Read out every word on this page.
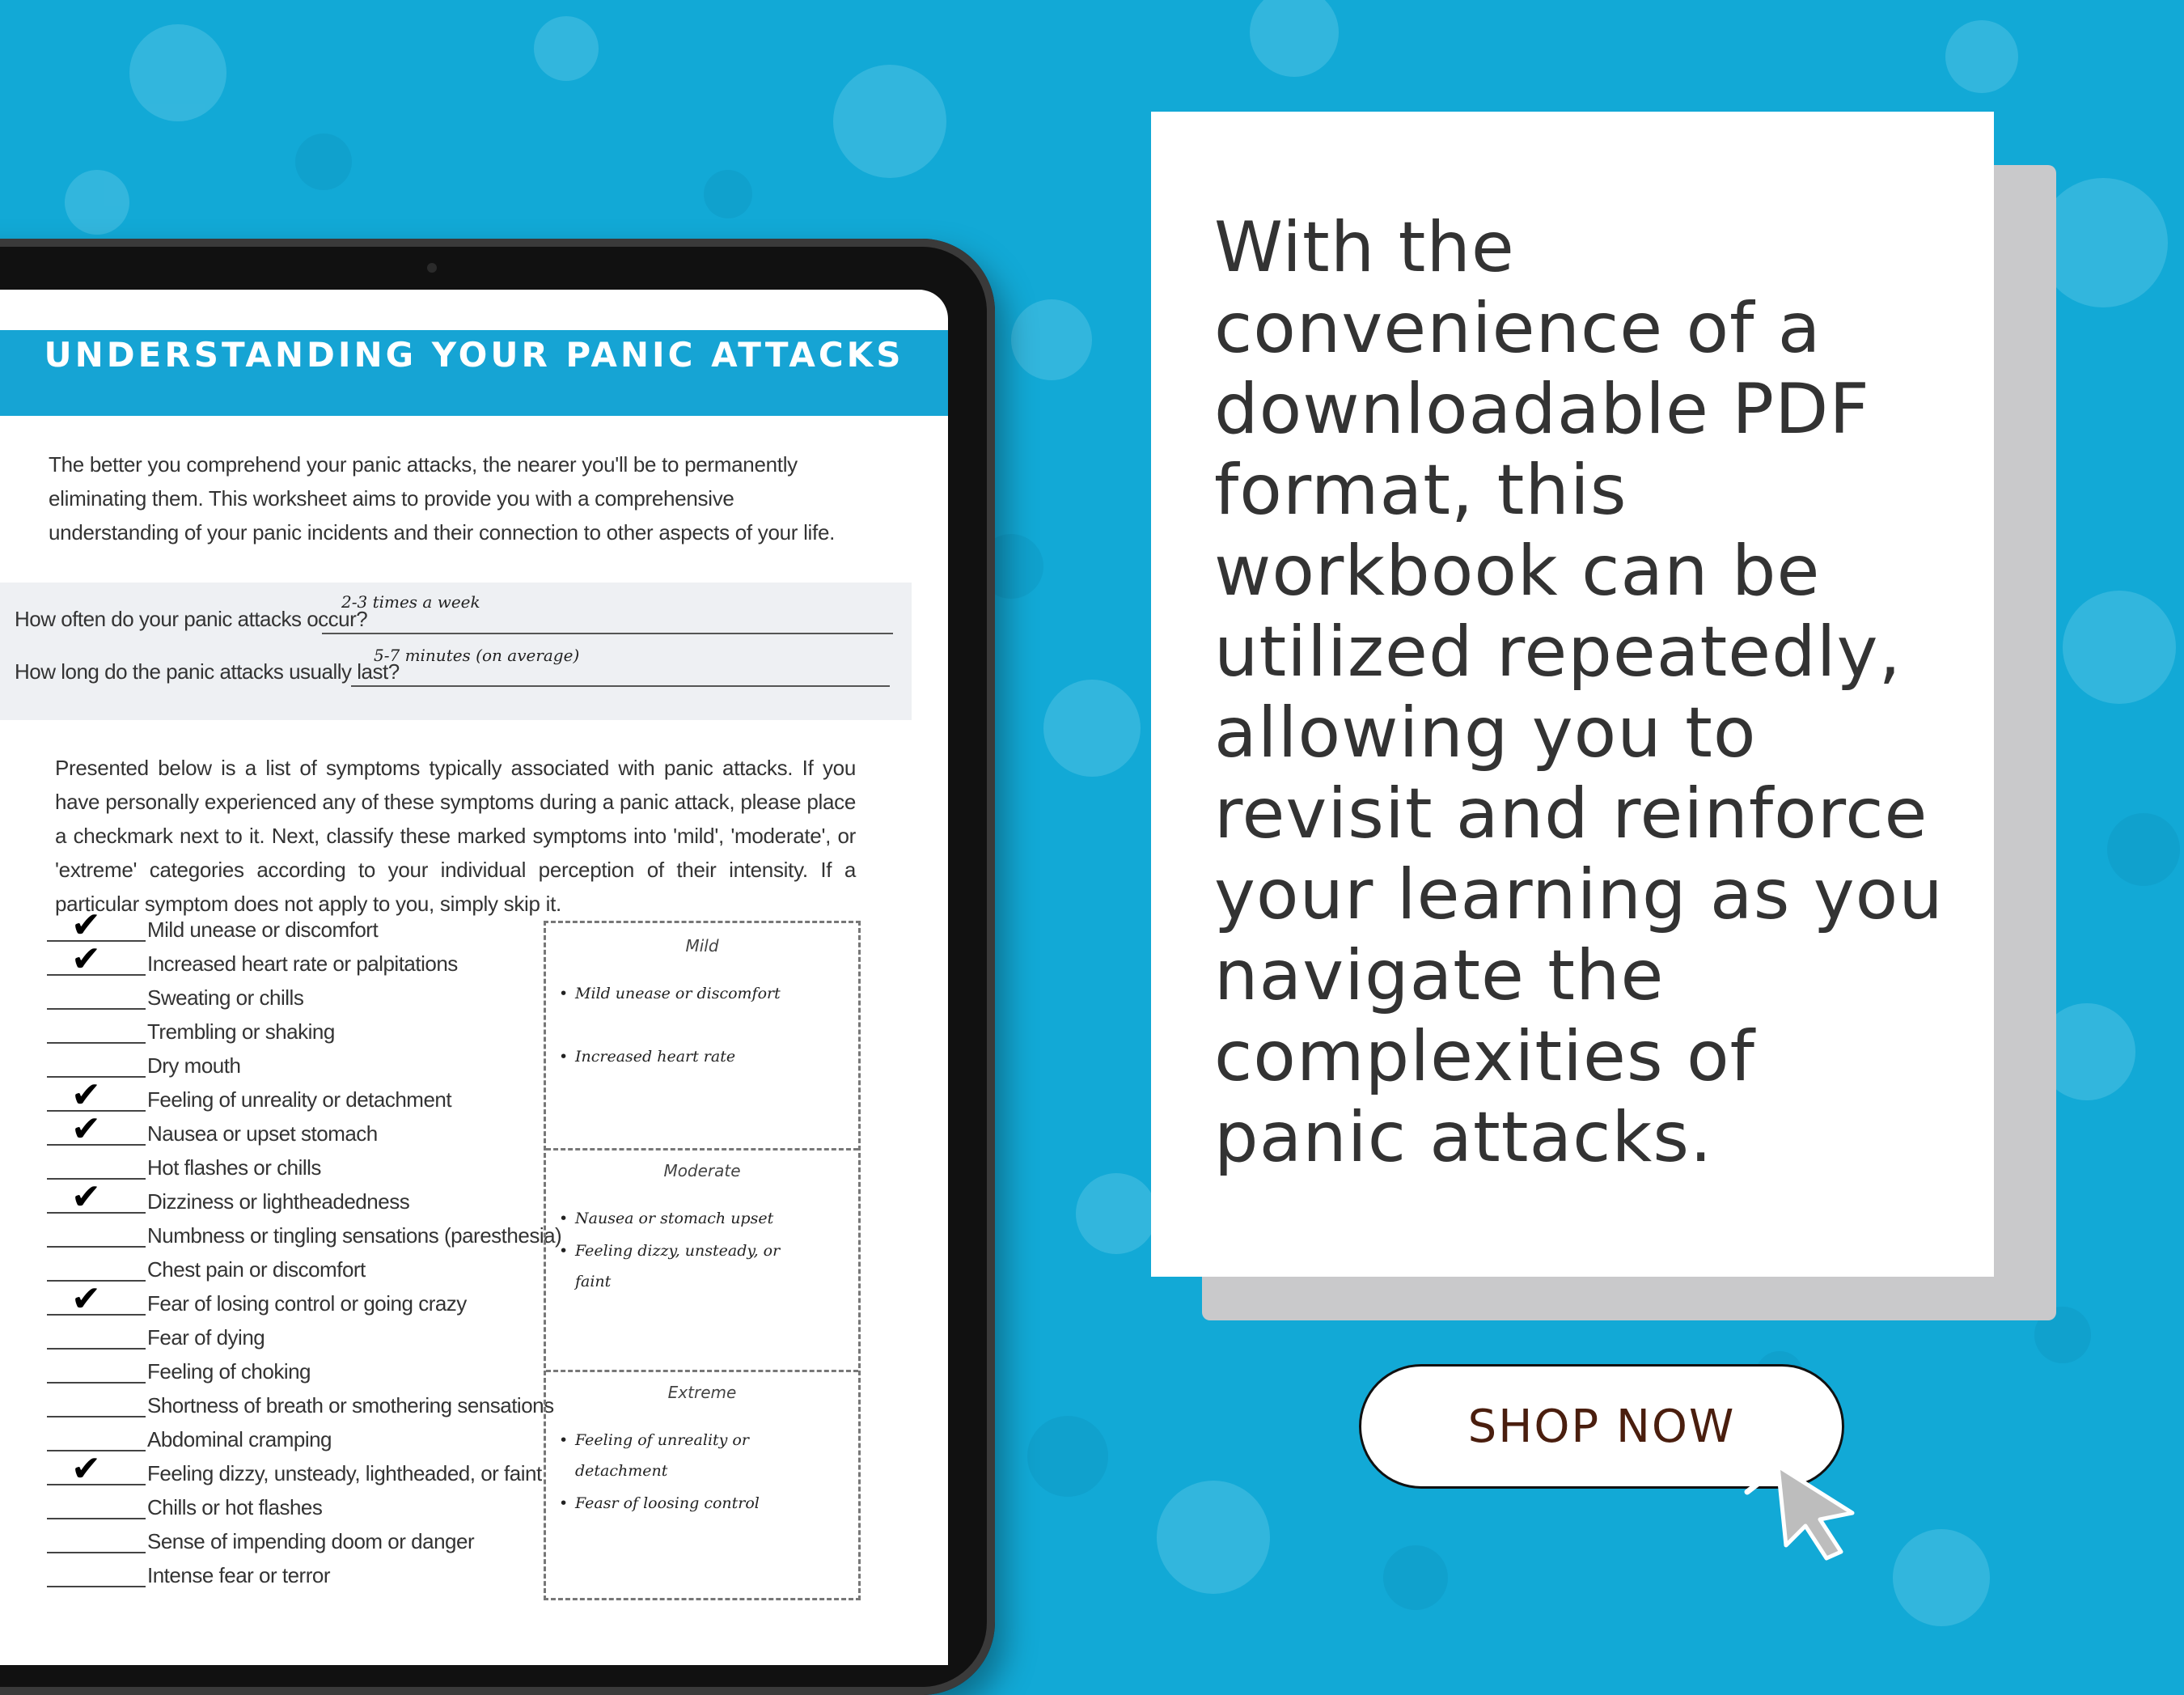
UNDERSTANDING YOUR PANIC ATTACKS
The better you comprehend your panic attacks, the nearer you'll be to permanently eliminating them. This worksheet aims to provide you with a comprehensive understanding of your panic incidents and their connection to other aspects of your life.
How often do your panic attacks occur?
2-3 times a week
How long do the panic attacks usually last?
5-7 minutes (on average)
Presented below is a list of symptoms typically associated with panic attacks. If you have personally experienced any of these symptoms during a panic attack, please place a checkmark next to it. Next, classify these marked symptoms into 'mild', 'moderate', or 'extreme' categories according to your individual perception of their intensity. If a particular symptom does not apply to you, simply skip it.
✔ Mild unease or discomfort
✔ Increased heart rate or palpitations
Sweating or chills
Trembling or shaking
Dry mouth
✔ Feeling of unreality or detachment
✔ Nausea or upset stomach
Hot flashes or chills
✔ Dizziness or lightheadedness
Numbness or tingling sensations (paresthesia)
Chest pain or discomfort
✔ Fear of losing control or going crazy
Fear of dying
Feeling of choking
Shortness of breath or smothering sensations
Abdominal cramping
✔ Feeling dizzy, unsteady, lightheaded, or faint
Chills or hot flashes
Sense of impending doom or danger
Intense fear or terror
Mild
• Mild unease or discomfort
• Increased heart rate
Moderate
• Nausea or stomach upset
• Feeling dizzy, unsteady, or faint
Extreme
• Feeling of unreality or detachment
• Feasr of loosing control
With the convenience of a downloadable PDF format, this workbook can be utilized repeatedly, allowing you to revisit and reinforce your learning as you navigate the complexities of panic attacks.
SHOP NOW
